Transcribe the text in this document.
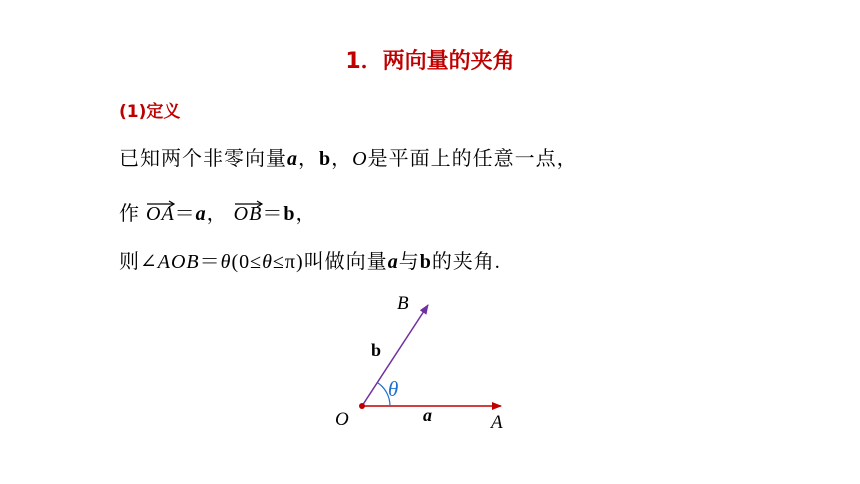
1．两向量的夹角
(1)定义
已知两个非零向量a，b，O是平面上的任意一点，
作 OA＝a，
OB＝b，
则∠AOB＝θ(0≤θ≤π)叫做向量a与b的夹角.
O	A
B
a
b
θ
